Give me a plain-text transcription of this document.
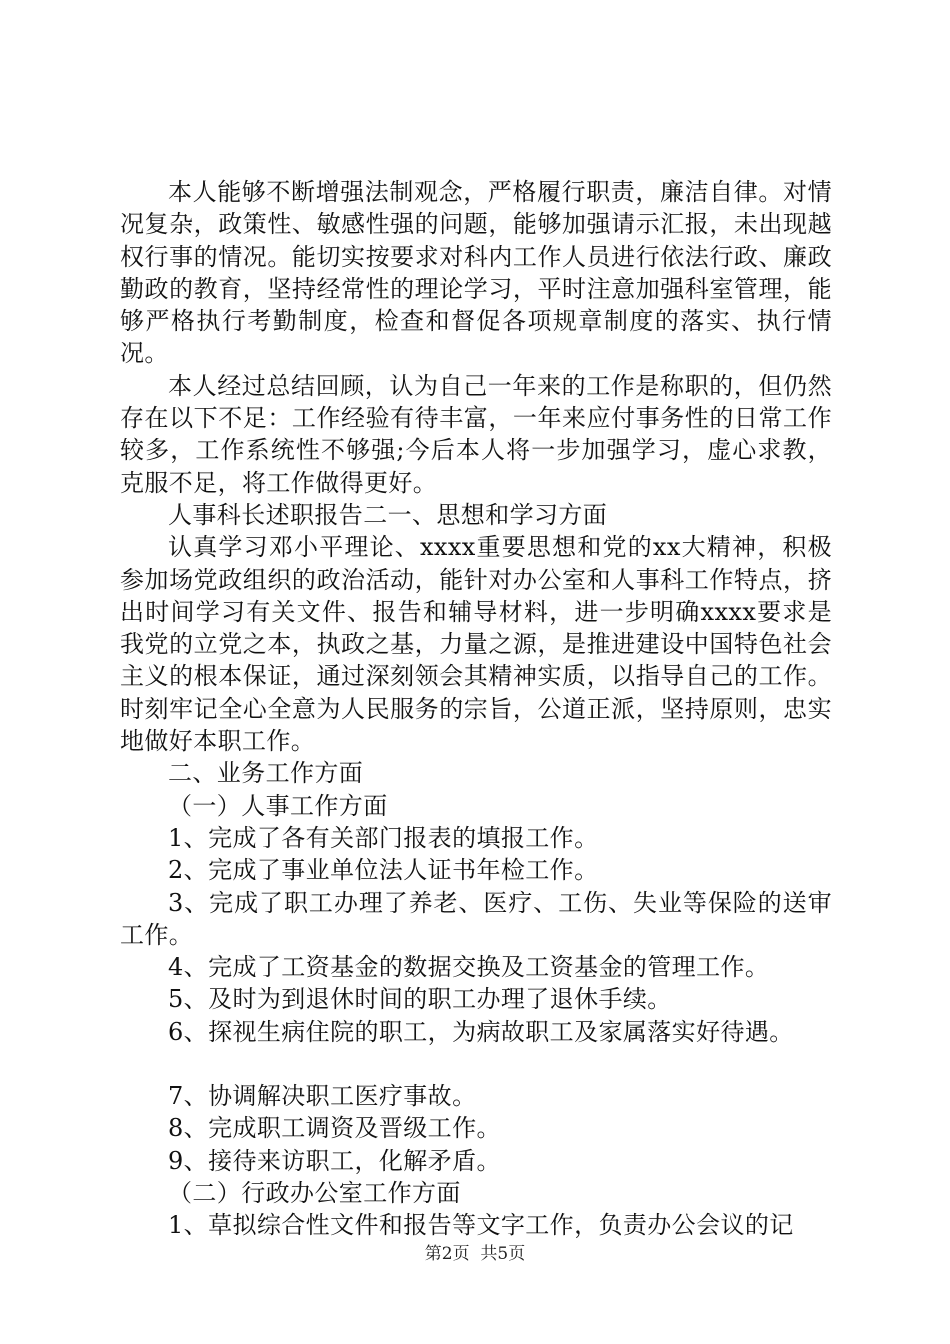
本人能够不断增强法制观念，严格履行职责，廉洁自律。对情况复杂，政策性、敏感性强的问题，能够加强请示汇报，未出现越权行事的情况。能切实按要求对科内工作人员进行依法行政、廉政勤政的教育，坚持经常性的理论学习，平时注意加强科室管理，能够严格执行考勤制度，检查和督促各项规章制度的落实、执行情况。

本人经过总结回顾，认为自己一年来的工作是称职的，但仍然存在以下不足：工作经验有待丰富，一年来应付事务性的日常工作较多，工作系统性不够强;今后本人将一步加强学习，虚心求教，克服不足，将工作做得更好。

人事科长述职报告二一、思想和学习方面

认真学习邓小平理论、xxxx重要思想和党的xx大精神，积极参加场党政组织的政治活动，能针对办公室和人事科工作特点，挤出时间学习有关文件、报告和辅导材料，进一步明确xxxx要求是我党的立党之本，执政之基，力量之源，是推进建设中国特色社会主义的根本保证，通过深刻领会其精神实质，以指导自己的工作。时刻牢记全心全意为人民服务的宗旨，公道正派，坚持原则，忠实地做好本职工作。

二、业务工作方面

（一）人事工作方面

1、完成了各有关部门报表的填报工作。

2、完成了事业单位法人证书年检工作。

3、完成了职工办理了养老、医疗、工伤、失业等保险的送审工作。

4、完成了工资基金的数据交换及工资基金的管理工作。

5、及时为到退休时间的职工办理了退休手续。

6、探视生病住院的职工，为病故职工及家属落实好待遇。

7、协调解决职工医疗事故。

8、完成职工调资及晋级工作。

9、接待来访职工，化解矛盾。

（二）行政办公室工作方面

1、草拟综合性文件和报告等文字工作，负责办公会议的记

第2页  共5页
